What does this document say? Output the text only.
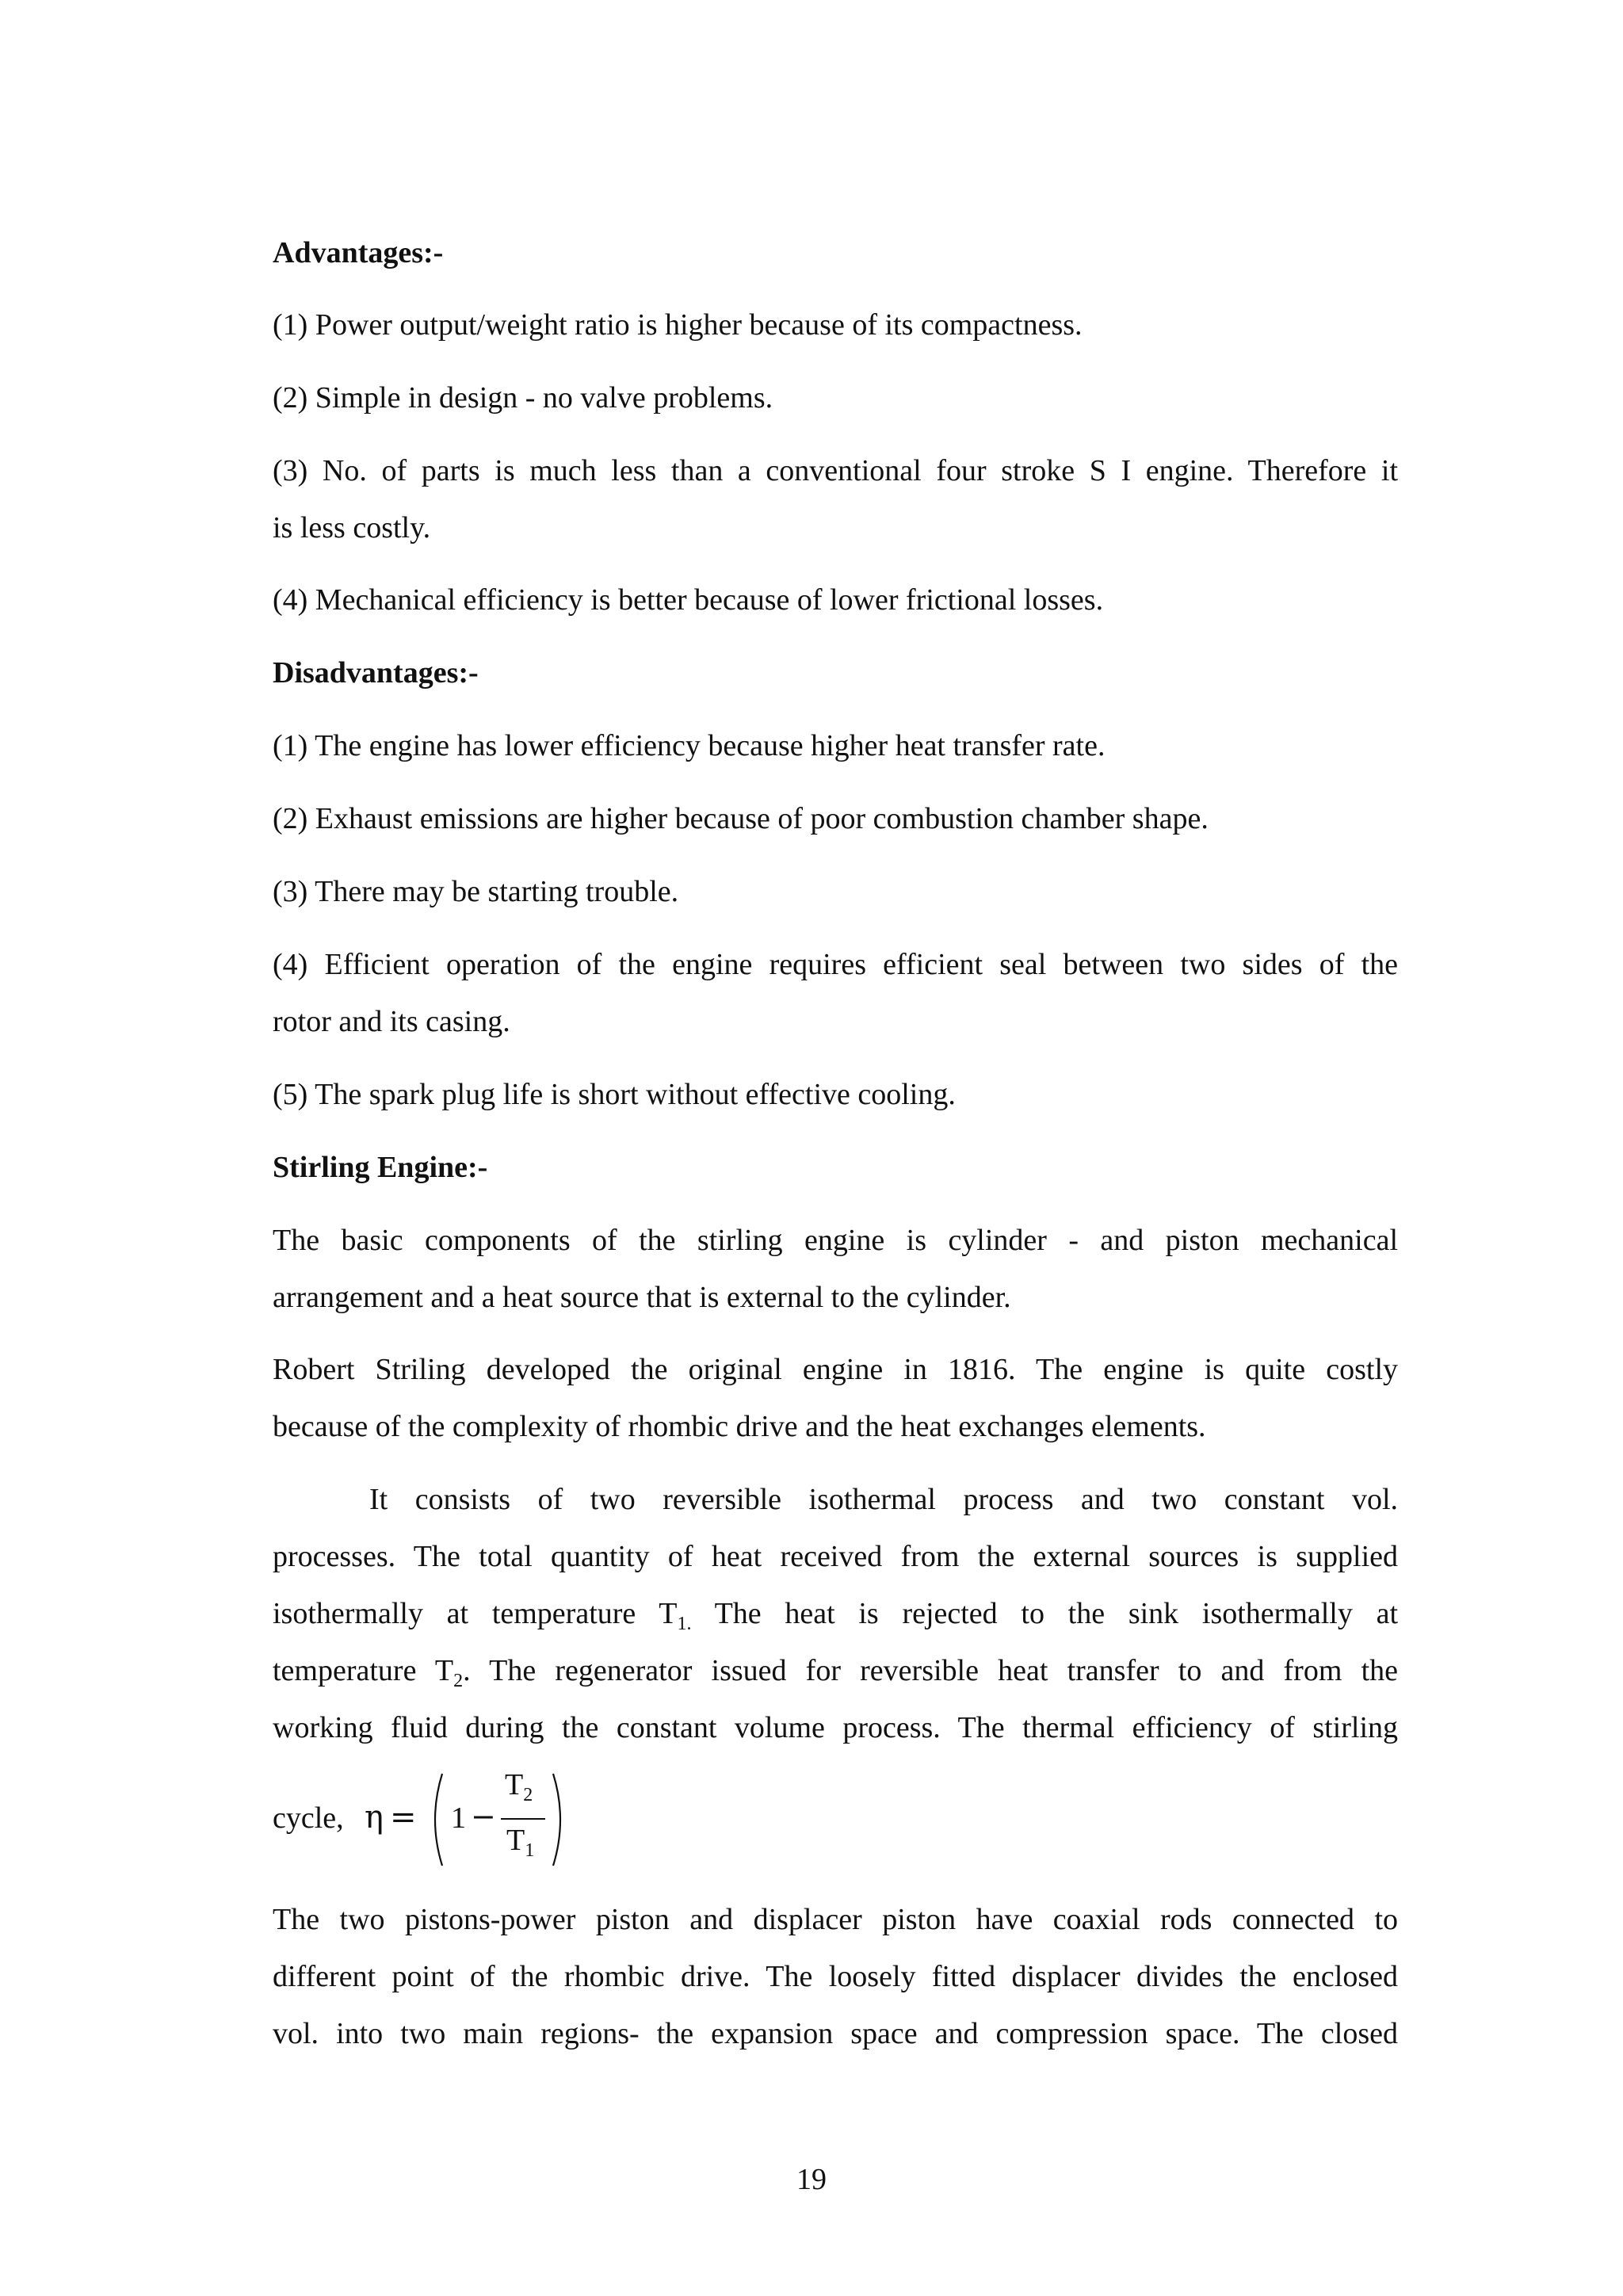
Advantages:-

(1) Power output/weight ratio is higher because of its compactness.

(2) Simple in design - no valve problems.

(3) No. of parts is much less than a conventional four stroke S I engine. Therefore it

is less costly.

(4) Mechanical efficiency is better because of lower frictional losses.

Disadvantages:-

(1) The engine has lower efficiency because higher heat transfer rate.

(2) Exhaust emissions are higher because of poor combustion chamber shape.

(3) There may be starting trouble.

(4) Efficient operation of the engine requires efficient seal between two sides of the

rotor and its casing.

(5) The spark plug life is short without effective cooling.

Stirling Engine:-

The basic components of the stirling engine is cylinder - and piston mechanical

arrangement and a heat source that is external to the cylinder.

Robert Striling developed the original engine in 1816. The engine is quite costly

because of the complexity of rhombic drive and the heat exchanges elements.

It consists of two reversible isothermal process and two constant vol.

processes. The total quantity of heat received from the external sources is supplied

isothermally at temperature $T_{1.}$ The heat is rejected to the sink isothermally at

temperature $T_2$. The regenerator issued for reversible heat transfer to and from the

working fluid during the constant volume process. The thermal efficiency of stirling

cycle, η = 1 −
$T_2$
$T_1$

The two pistons-power piston and displacer piston have coaxial rods connected to

different point of the rhombic drive. The loosely fitted displacer divides the enclosed

vol. into two main regions- the expansion space and compression space. The closed

19
